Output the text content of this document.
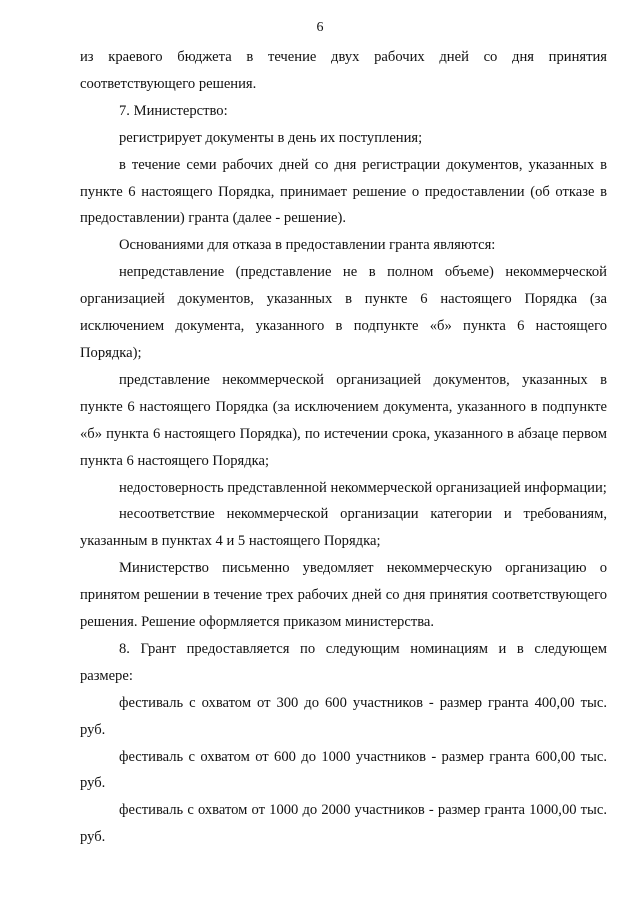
6

из краевого бюджета в течение двух рабочих дней со дня принятия соответствующего решения.

7. Министерство:

регистрирует документы в день их поступления;

в течение семи рабочих дней со дня регистрации документов, указанных в пункте 6 настоящего Порядка, принимает решение о предоставлении (об отказе в предоставлении) гранта (далее - решение).

Основаниями для отказа в предоставлении гранта являются:

непредставление (представление не в полном объеме) некоммерческой организацией документов, указанных в пункте 6 настоящего Порядка (за исключением документа, указанного в подпункте «б» пункта 6 настоящего Порядка);

представление некоммерческой организацией документов, указанных в пункте 6 настоящего Порядка (за исключением документа, указанного в подпункте «б» пункта 6 настоящего Порядка), по истечении срока, указанного в абзаце первом пункта 6 настоящего Порядка;

недостоверность представленной некоммерческой организацией информации;

несоответствие некоммерческой организации категории и требованиям, указанным в пунктах 4 и 5 настоящего Порядка;

Министерство письменно уведомляет некоммерческую организацию о принятом решении в течение трех рабочих дней со дня принятия соответствующего решения. Решение оформляется приказом министерства.

8. Грант предоставляется по следующим номинациям и в следующем размере:

фестиваль с охватом от 300 до 600 участников - размер гранта 400,00 тыс. руб.

фестиваль с охватом от 600 до 1000 участников - размер гранта 600,00 тыс. руб.

фестиваль с охватом от 1000 до 2000 участников - размер гранта 1000,00 тыс. руб.
